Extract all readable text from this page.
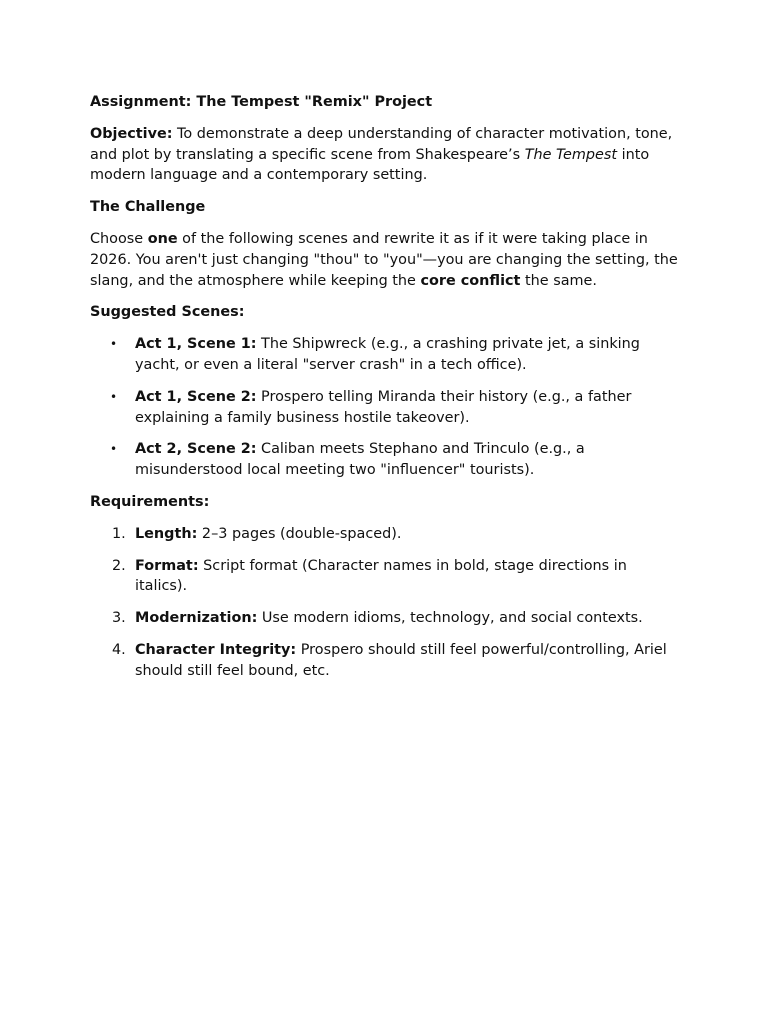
Assignment: The Tempest "Remix" Project

Objective: To demonstrate a deep understanding of character motivation, tone, and plot by translating a specific scene from Shakespeare’s The Tempest into modern language and a contemporary setting.

The Challenge

Choose one of the following scenes and rewrite it as if it were taking place in 2026. You aren't just changing "thou" to "you"—you are changing the setting, the slang, and the atmosphere while keeping the core conflict the same.

Suggested Scenes:

• Act 1, Scene 1: The Shipwreck (e.g., a crashing private jet, a sinking yacht, or even a literal "server crash" in a tech office).
• Act 1, Scene 2: Prospero telling Miranda their history (e.g., a father explaining a family business hostile takeover).
• Act 2, Scene 2: Caliban meets Stephano and Trinculo (e.g., a misunderstood local meeting two "influencer" tourists).

Requirements:

1. Length: 2–3 pages (double-spaced).
2. Format: Script format (Character names in bold, stage directions in italics).
3. Modernization: Use modern idioms, technology, and social contexts.
4. Character Integrity: Prospero should still feel powerful/controlling, Ariel should still feel bound, etc.
